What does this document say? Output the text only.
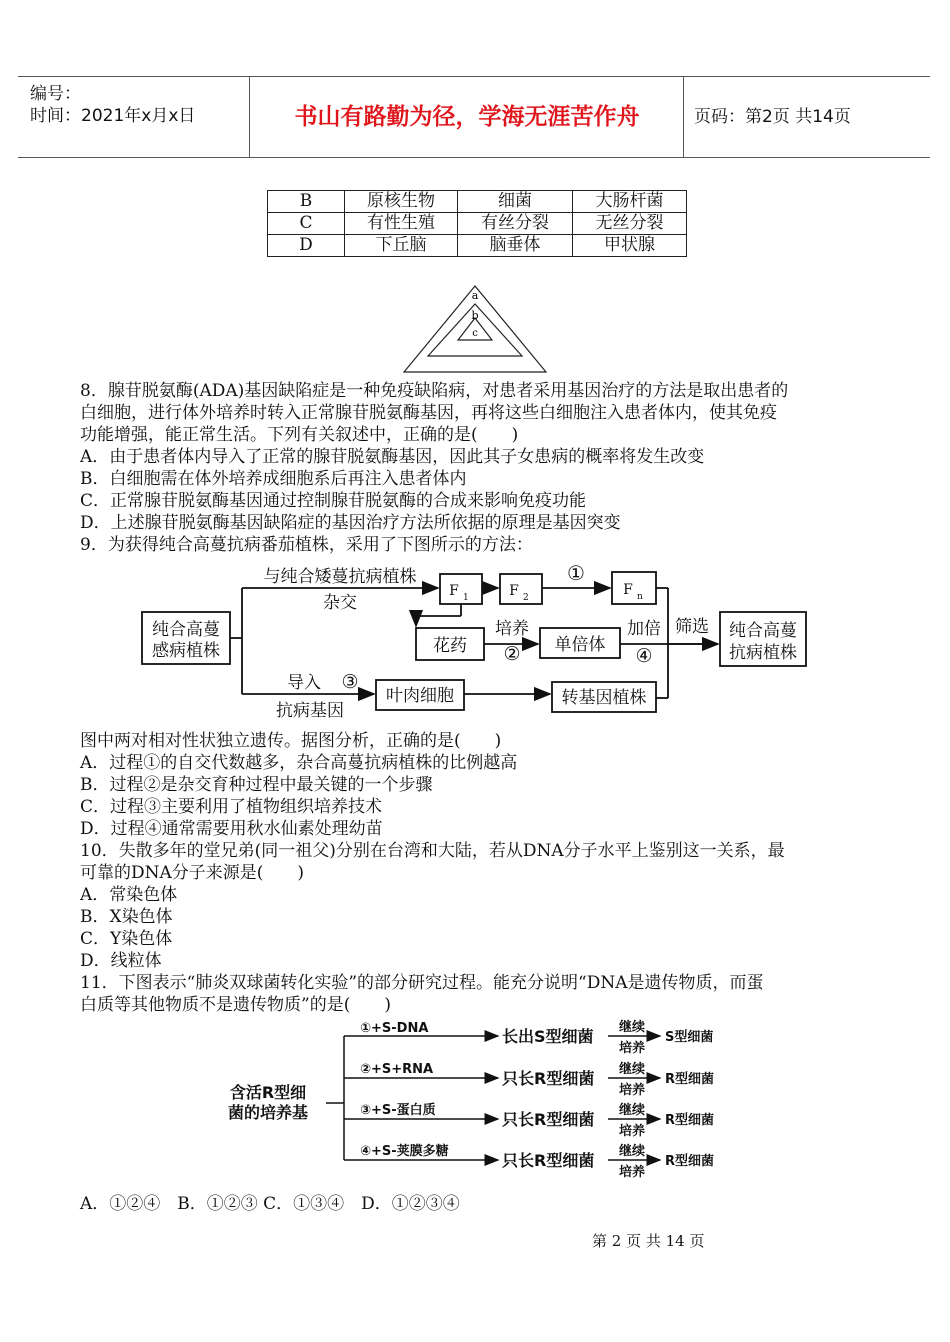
编号：
时间：2021年x月x日	书山有路勤为径，学海无涯苦作舟	页码：第2页 共14页
B	原核生物	细菌	大肠杆菌
C	有性生殖	有丝分裂	无丝分裂
D	下丘脑	脑垂体	甲状腺
a
b
c
8．腺苷脱氨酶(ADA)基因缺陷症是一种免疫缺陷病，对患者采用基因治疗的方法是取出患者的
白细胞，进行体外培养时转入正常腺苷脱氨酶基因，再将这些白细胞注入患者体内，使其免疫
功能增强，能正常生活。下列有关叙述中，正确的是(　　)
A．由于患者体内导入了正常的腺苷脱氨酶基因，因此其子女患病的概率将发生改变
B．白细胞需在体外培养成细胞系后再注入患者体内
C．正常腺苷脱氨酶基因通过控制腺苷脱氨酶的合成来影响免疫功能
D．上述腺苷脱氨酶基因缺陷症的基因治疗方法所依据的原理是基因突变
9．为获得纯合高蔓抗病番茄植株，采用了下图所示的方法：
纯合高蔓
感病植株
与纯合矮蔓抗病植株
杂交
F 1	F 2	F n
①
花药
培养
② 单倍体
加倍
④
筛选 纯合高蔓
抗病植株
导入 ③
抗病基因
叶肉细胞	转基因植株
图中两对相对性状独立遗传。据图分析，正确的是(　　)
A．过程①的自交代数越多，杂合高蔓抗病植株的比例越高
B．过程②是杂交育种过程中最关键的一个步骤
C．过程③主要利用了植物组织培养技术
D．过程④通常需要用秋水仙素处理幼苗
10．失散多年的堂兄弟(同一祖父)分别在台湾和大陆，若从DNA分子水平上鉴别这一关系，最
可靠的DNA分子来源是(　　)
A．常染色体
B．X染色体
C．Y染色体
D．线粒体
11．下图表示“肺炎双球菌转化实验”的部分研究过程。能充分说明“DNA是遗传物质，而蛋
白质等其他物质不是遗传物质”的是(　　)
含活R型细
菌的培养基
①+S-DNA
②+S+RNA
③+S-蛋白质
④+S-荚膜多糖
长出S型细菌
只长R型细菌
只长R型细菌
只长R型细菌
继续
培养
继续
培养
继续
培养
继续
培养
S型细菌
R型细菌
R型细菌
R型细菌
A．①②④　B．①②③ C．①③④　D．①②③④
第 2 页 共 14 页
